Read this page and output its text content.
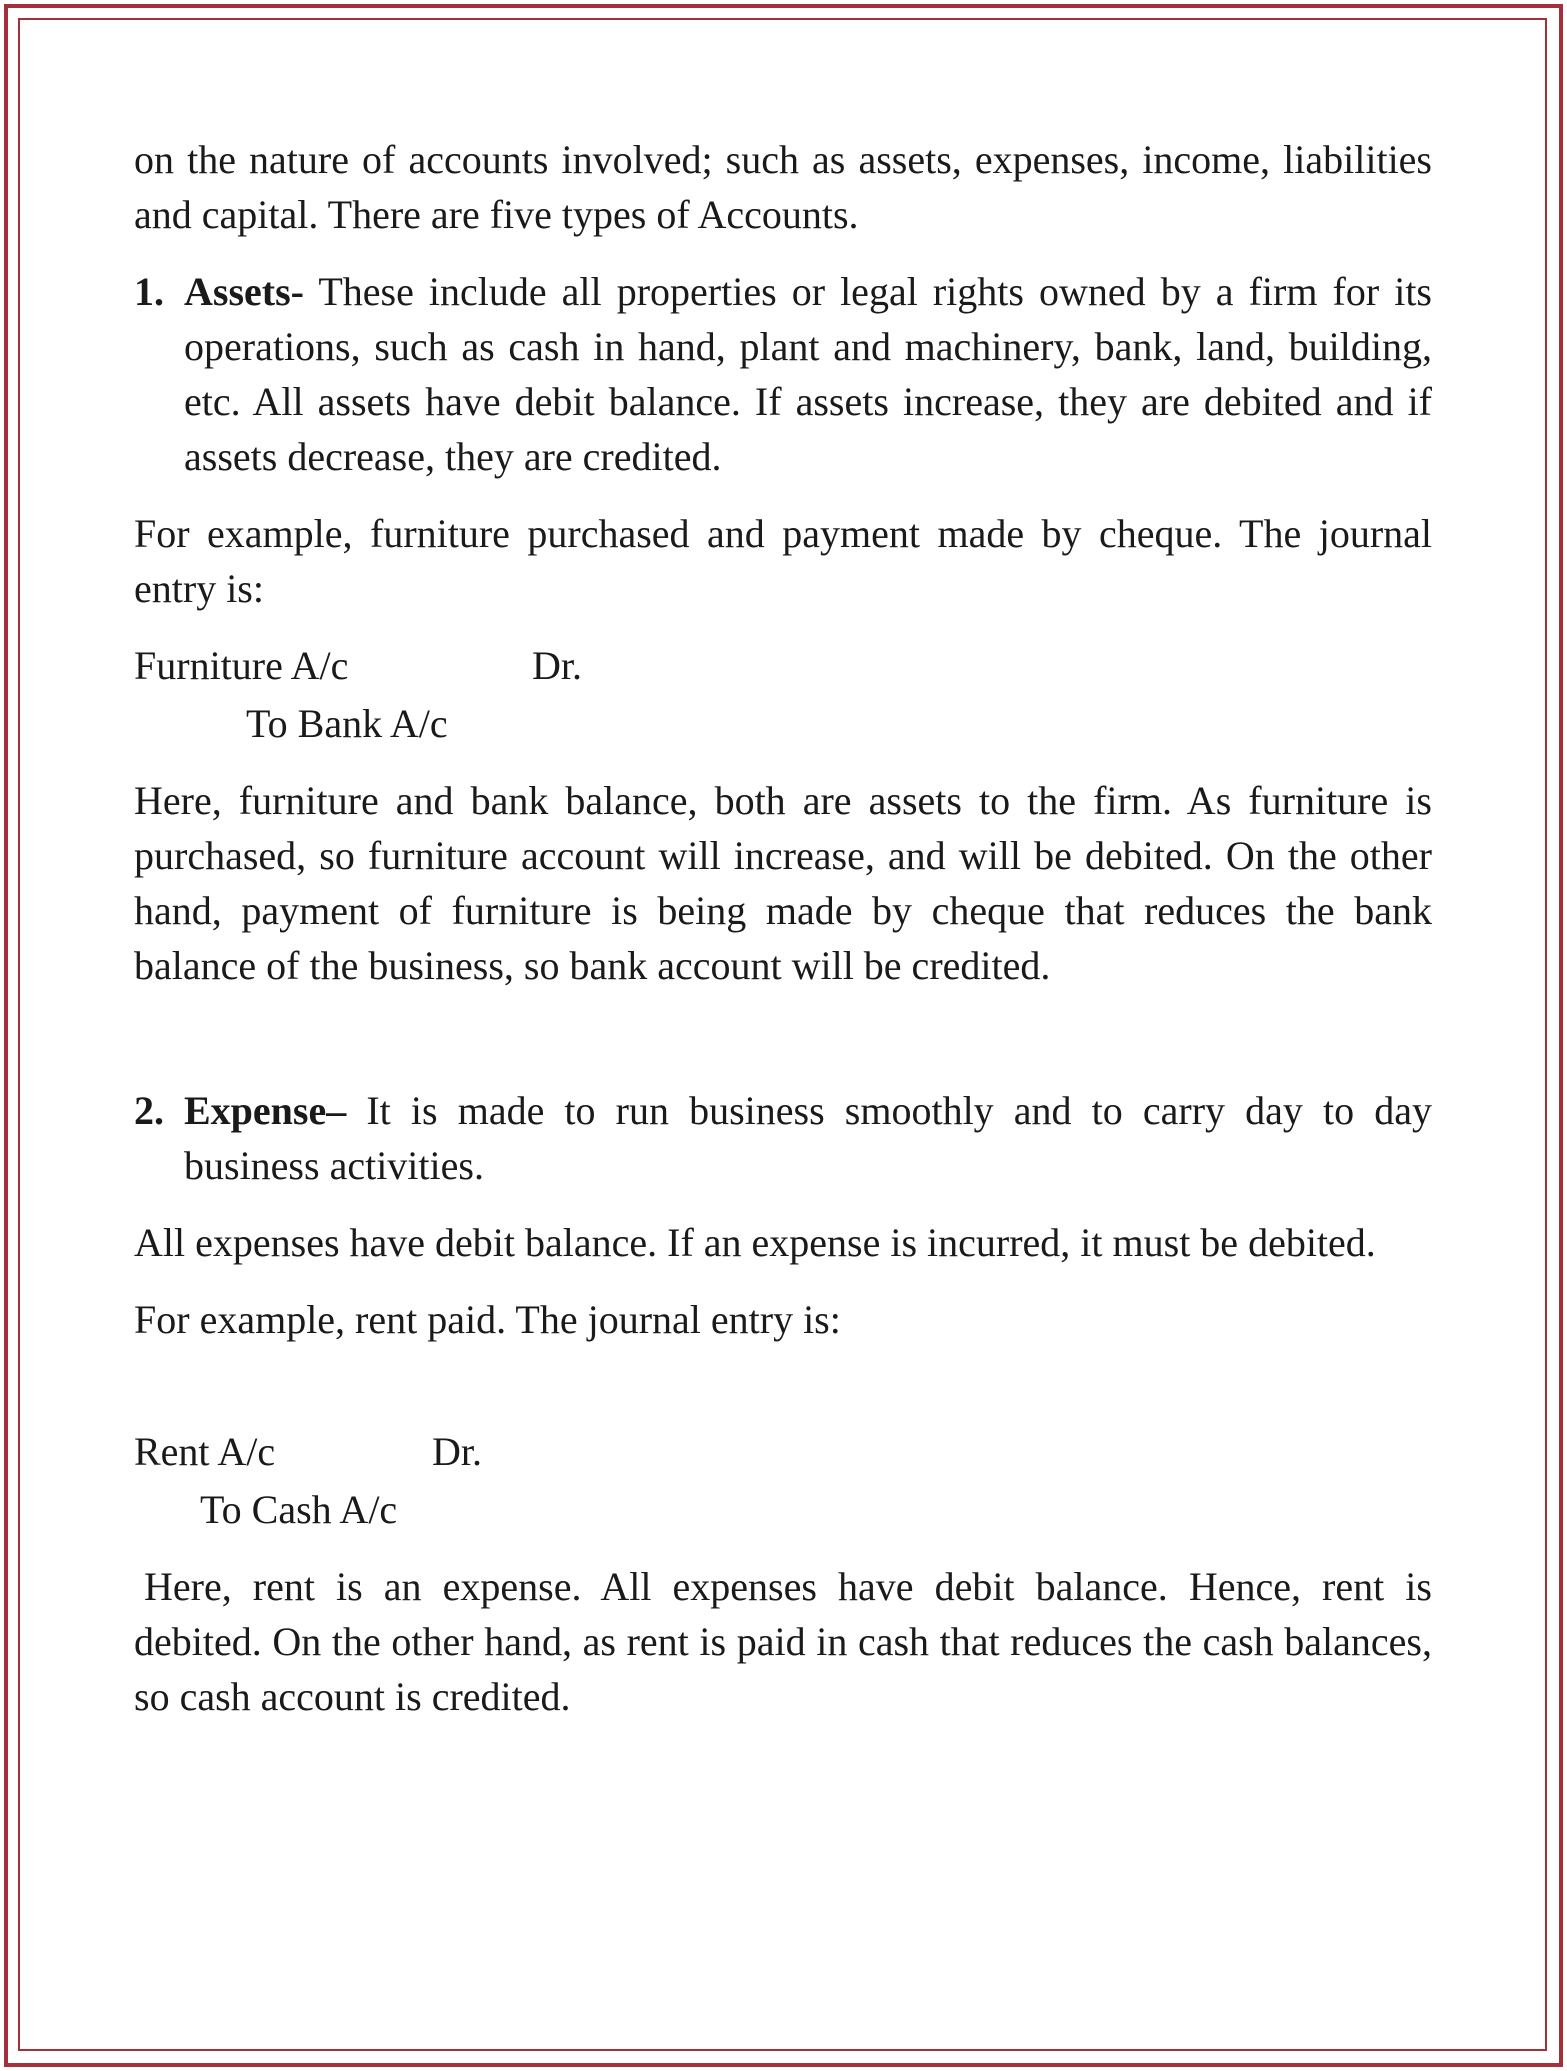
on the nature of accounts involved; such as assets, expenses, income, liabilities and capital. There are five types of Accounts.

1. Assets- These include all properties or legal rights owned by a firm for its operations, such as cash in hand, plant and machinery, bank, land, building, etc. All assets have debit balance. If assets increase, they are debited and if assets decrease, they are credited.

For example, furniture purchased and payment made by cheque. The journal entry is:

Furniture A/c	Dr.
To Bank A/c

Here, furniture and bank balance, both are assets to the firm. As furniture is purchased, so furniture account will increase, and will be debited. On the other hand, payment of furniture is being made by cheque that reduces the bank balance of the business, so bank account will be credited.

2. Expense– It is made to run business smoothly and to carry day to day business activities.

All expenses have debit balance. If an expense is incurred, it must be debited.

For example, rent paid. The journal entry is:

Rent A/c	Dr.
To Cash A/c

Here, rent is an expense. All expenses have debit balance. Hence, rent is debited. On the other hand, as rent is paid in cash that reduces the cash balances, so cash account is credited.
